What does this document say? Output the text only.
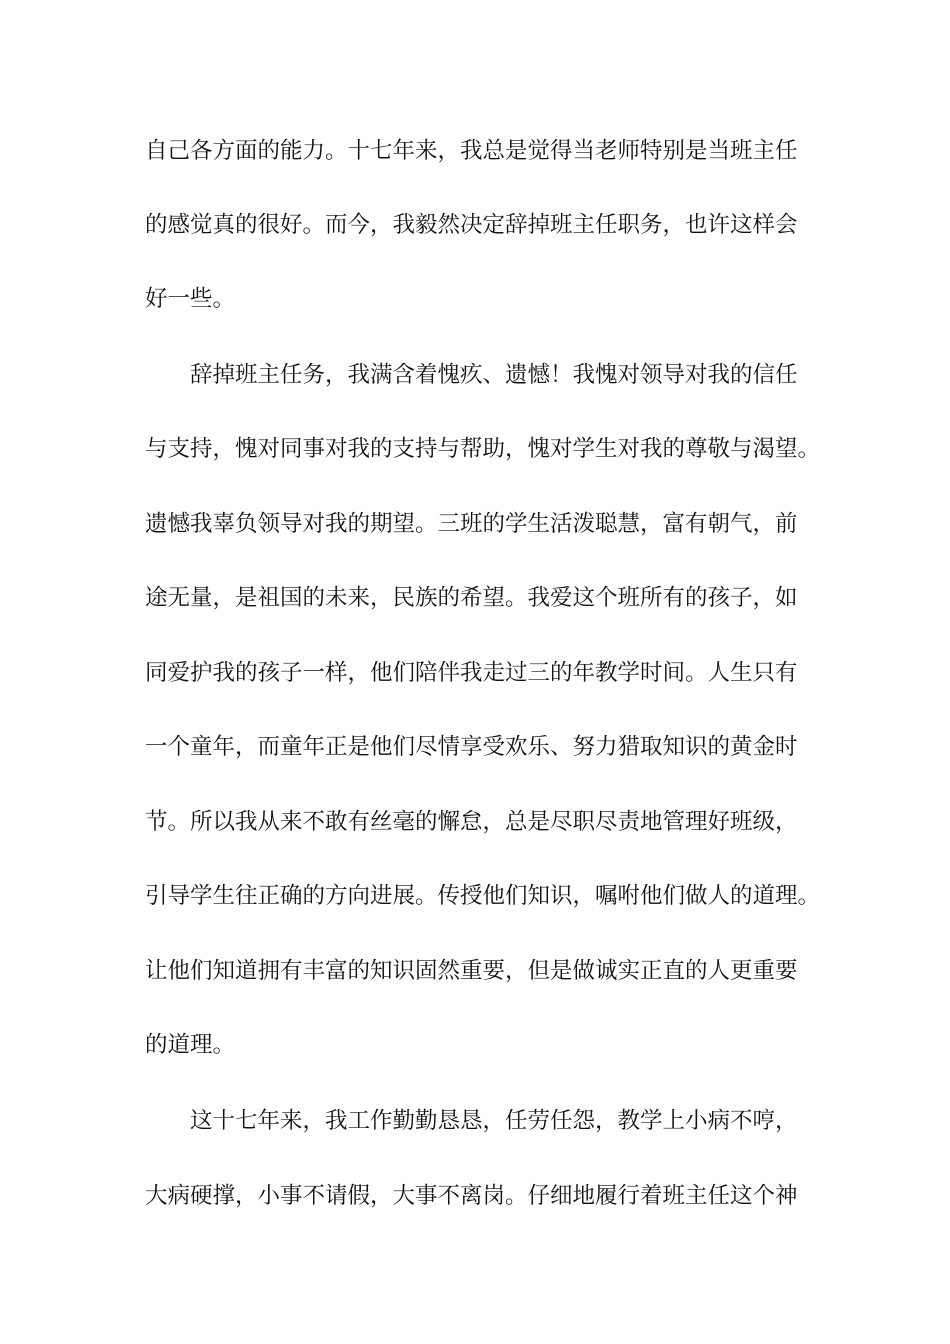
自己各方面的能力。十七年来，我总是觉得当老师特别是当班主任
的感觉真的很好。而今，我毅然决定辞掉班主任职务，也许这样会
好一些。
辞掉班主任务，我满含着愧疚、遗憾！我愧对领导对我的信任
与支持，愧对同事对我的支持与帮助，愧对学生对我的尊敬与渴望。
遗憾我辜负领导对我的期望。三班的学生活泼聪慧，富有朝气，前
途无量，是祖国的未来，民族的希望。我爱这个班所有的孩子，如
同爱护我的孩子一样，他们陪伴我走过三的年教学时间。人生只有
一个童年，而童年正是他们尽情享受欢乐、努力猎取知识的黄金时
节。所以我从来不敢有丝毫的懈怠，总是尽职尽责地管理好班级，
引导学生往正确的方向进展。传授他们知识，嘱咐他们做人的道理。
让他们知道拥有丰富的知识固然重要，但是做诚实正直的人更重要
的道理。
这十七年来，我工作勤勤恳恳，任劳任怨，教学上小病不哼，
大病硬撑，小事不请假，大事不离岗。仔细地履行着班主任这个神
